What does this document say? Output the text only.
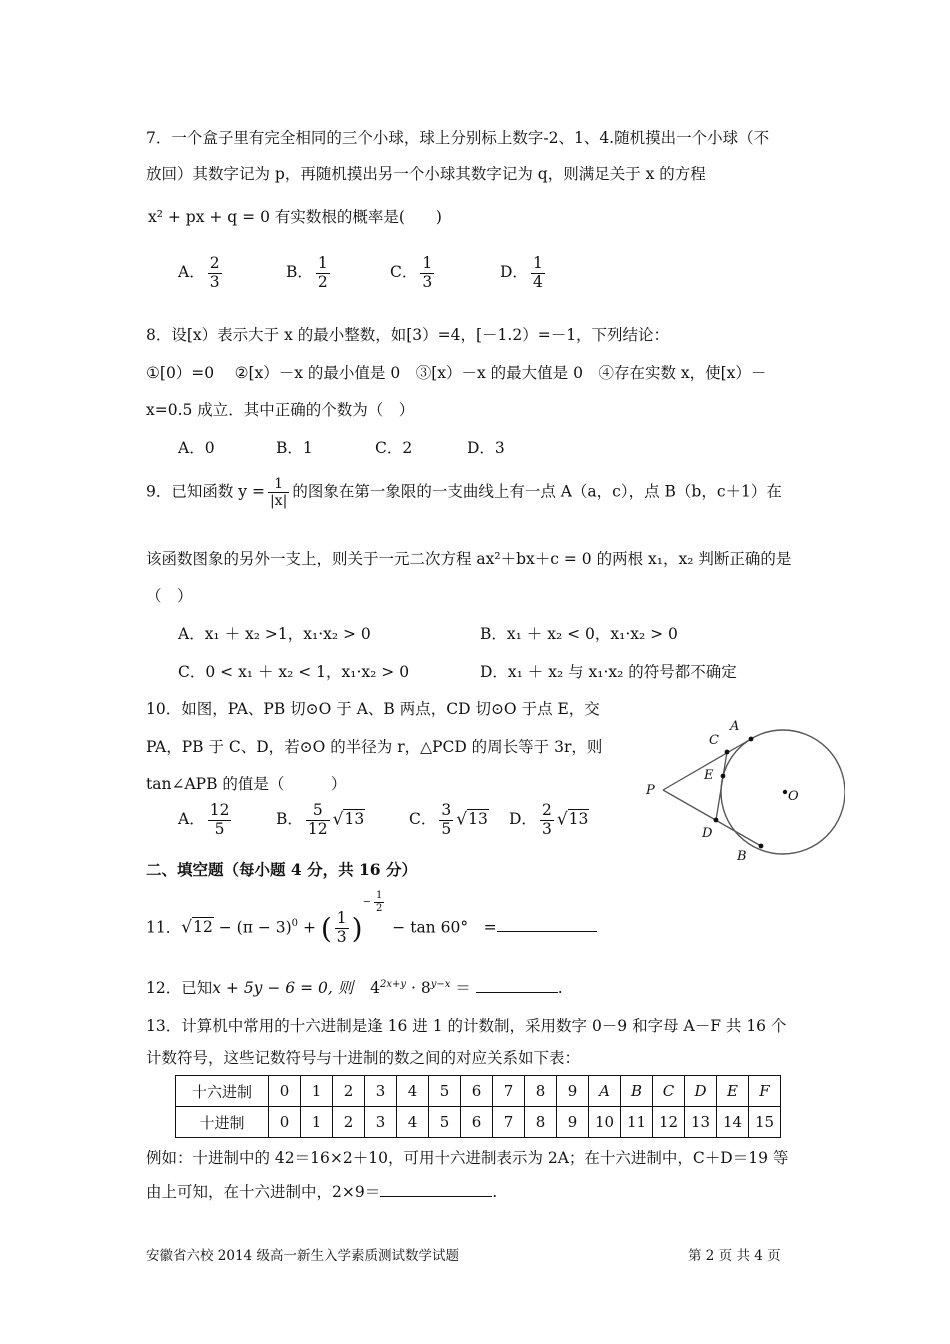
7．一个盒子里有完全相同的三个小球，球上分别标上数字-2、1、4.随机摸出一个小球（不
放回）其数字记为 p，再随机摸出另一个小球其数字记为 q，则满足关于 x 的方程
x² + px + q = 0 有实数根的概率是(　　)
A． $\frac{2}{3}$	B． $\frac{1}{2}$	C． $\frac{1}{3}$	D． $\frac{1}{4}$
8．设[x）表示大于 x 的最小整数，如[3）=4，[－1.2）=－1，下列结论：
①[0）=0　 ②[x）－x 的最小值是 0　③[x）－x 的最大值是 0　④存在实数 x，使[x）－
x=0.5 成立．其中正确的个数为（　）
A．0	B．1	C．2	D．3
9．已知函数 $y = \frac{1}{|x|}$ 的图象在第一象限的一支曲线上有一点 A（a，c），点 B（b，c＋1）在
该函数图象的另外一支上，则关于一元二次方程 ax²＋bx＋c = 0 的两根 x₁，x₂ 判断正确的是
（　）
A．x₁ ＋ x₂ >1，x₁·x₂ > 0	B．x₁ ＋ x₂ < 0，x₁·x₂ > 0
C．0 < x₁ ＋ x₂ < 1，x₁·x₂ > 0	D．x₁ ＋ x₂ 与 x₁·x₂ 的符号都不确定
10．如图，PA、PB 切⊙O 于 A、B 两点，CD 切⊙O 于点 E，交
PA，PB 于 C、D，若⊙O 的半径为 r，△PCD 的周长等于 3r，则
tan∠APB 的值是（　　　）
A． $\frac{12}{5}$	B． $\frac{5}{12} √13$	C． $\frac{3}{5} √13$ D． $\frac{2}{3} √13$
A
B
C
D
E
O
P
二、填空题（每小题 4 分，共 16 分）
11．$√12 - (\pi - 3)^0$ + ( $\frac{1}{3}$ )− $\frac{1}{2}$
− tan 60°　=
12．已知x + 5y − 6 = 0, 则 $4^{2x+y} \cdot 8^{y-x}$ ＝	.
13．计算机中常用的十六进制是逢 16 进 1 的计数制，采用数字 0－9 和字母 A－F 共 16 个
计数符号，这些记数符号与十进制的数之间的对应关系如下表：
十六进制	0	1	2	3	4	5	6	7	8	9	A	B	C	D	E	F
十进制	0	1	2	3	4	5	6	7	8	9	10	11	12	13	14	15
例如：十进制中的 42＝16×2＋10，可用十六进制表示为 2A；在十六进制中，C＋D＝19 等
由上可知，在十六进制中，2×9＝	.
安徽省六校 2014 级高一新生入学素质测试数学试题	第 2 页 共 4 页
